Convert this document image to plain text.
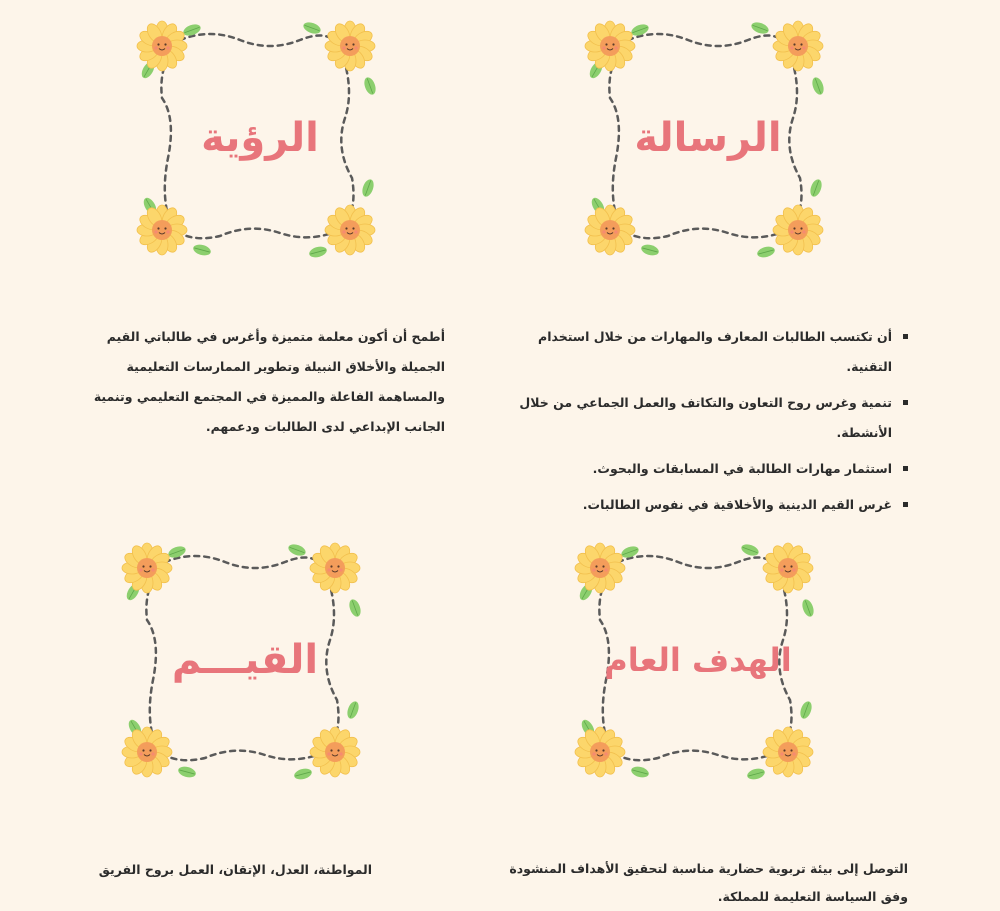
الرسالة
الرؤية
أن تكتسب الطالبات المعارف والمهارات من خلال استخدام التقنية.
تنمية وغرس روح التعاون والتكاتف والعمل الجماعي من خلال الأنشطة.
استثمار مهارات الطالبة في المسابقات والبحوث.
غرس القيم الدينية والأخلاقية في نفوس الطالبات.
أطمح أن أكون معلمة متميزة وأغرس في طالباتي القيم الجميلة والأخلاق النبيلة وتطوير الممارسات التعليمية والمساهمة الفاعلة والمميزة في المجتمع التعليمي وتنمية الجانب الإبداعي لدى الطالبات ودعمهم.
الهدف العام
القيـــم
التوصل إلى بيئة تربوية حضارية مناسبة لتحقيق الأهداف المنشودة وفق السياسة التعليمة للمملكة.
المواطنة، العدل، الإتقان، العمل بروح الفريق
